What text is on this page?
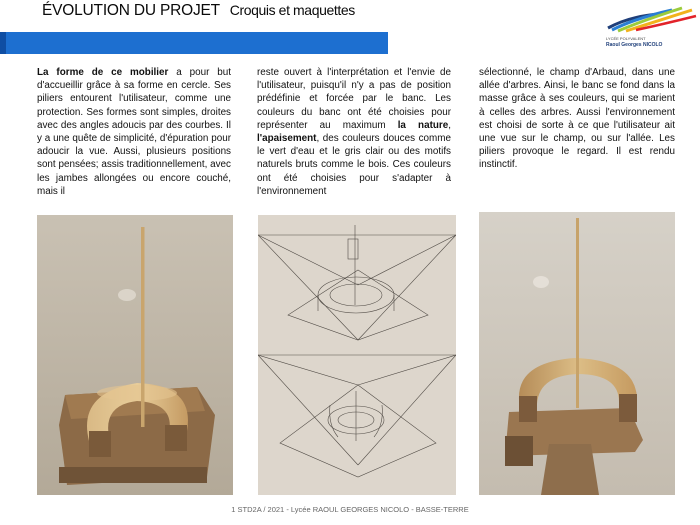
ÉVOLUTION DU PROJET Croquis et maquettes
LYCÉE POLYVALENT
Raoul Georges NICOLO

La forme de ce mobilier a pour but d'accueillir grâce à sa forme en cercle. Ses piliers entourent l'utilisateur, comme une protection. Ses formes sont simples, droites avec des angles adoucis par des courbes. Il y a une quête de simplicité, d'épuration pour adoucir la vue. Aussi, plusieurs positions sont pensées; assis traditionnellement, avec les jambes allongées ou encore couché, mais il

reste ouvert à l'interprétation et l'envie de l'utilisateur, puisqu'il n'y a pas de position prédéfinie et forcée par le banc. Les couleurs du banc ont été choisies pour représenter au maximum la nature, l'apaisement, des couleurs douces comme le vert d'eau et le gris clair ou des motifs naturels bruts comme le bois. Ces couleurs ont été choisies pour s'adapter à l'environnement

sélectionné, le champ d'Arbaud, dans une allée d'arbres. Ainsi, le banc se fond dans la masse grâce à ses couleurs, qui se marient à celles des arbres. Aussi l'environnement est choisi de sorte à ce que l'utilisateur ait une vue sur le champ, ou sur l'allée. Les piliers provoque le regard. Il est rendu instinctif.

1 STD2A / 2021 - Lycée RAOUL GEORGES NICOLO - BASSE-TERRE
